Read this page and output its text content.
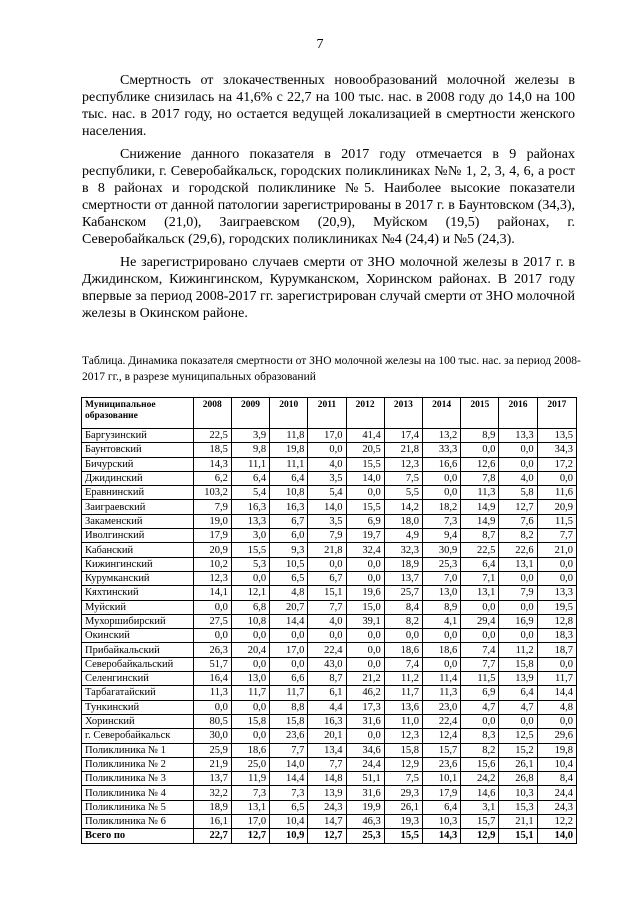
7

Смертность от злокачественных новообразований молочной железы в республике снизилась на 41,6% с 22,7 на 100 тыс. нас. в 2008 году до 14,0 на 100 тыс. нас. в 2017 году, но остается ведущей локализацией в смертности женского населения.

Снижение данного показателя в 2017 году отмечается в 9 районах республики, г. Северобайкальск, городских поликлиниках №№ 1, 2, 3, 4, 6, а рост в 8 районах и городской поликлинике №5. Наиболее высокие показатели смертности от данной патологии зарегистрированы в 2017 г. в Баунтовском (34,3), Кабанском (21,0), Заиграевском (20,9), Муйском (19,5) районах, г. Северобайкальск (29,6), городских поликлиниках №4 (24,4) и №5 (24,3).

Не зарегистрировано случаев смерти от ЗНО молочной железы в 2017 г. в Джидинском, Кижингинском, Курумканском, Хоринском районах. В 2017 году впервые за период 2008-2017 гг. зарегистрирован случай смерти от ЗНО молочной железы в Окинском районе.

Таблица. Динамика показателя смертности от ЗНО молочной железы на 100 тыс. нас. за период 2008-2017 гг., в разрезе муниципальных образований
Муниципальное образование	2008	2009	2010	2011	2012	2013	2014	2015	2016	2017
Баргузинский	22,5	3,9	11,8	17,0	41,4	17,4	13,2	8,9	13,3	13,5
Баунтовский	18,5	9,8	19,8	0,0	20,5	21,8	33,3	0,0	0,0	34,3
Бичурский	14,3	11,1	11,1	4,0	15,5	12,3	16,6	12,6	0,0	17,2
Джидинский	6,2	6,4	6,4	3,5	14,0	7,5	0,0	7,8	4,0	0,0
Еравнинский	103,2	5,4	10,8	5,4	0,0	5,5	0,0	11,3	5,8	11,6
Заиграевский	7,9	16,3	16,3	14,0	15,5	14,2	18,2	14,9	12,7	20,9
Закаменский	19,0	13,3	6,7	3,5	6,9	18,0	7,3	14,9	7,6	11,5
Иволгинский	17,9	3,0	6,0	7,9	19,7	4,9	9,4	8,7	8,2	7,7
Кабанский	20,9	15,5	9,3	21,8	32,4	32,3	30,9	22,5	22,6	21,0
Кижингинский	10,2	5,3	10,5	0,0	0,0	18,9	25,3	6,4	13,1	0,0
Курумканский	12,3	0,0	6,5	6,7	0,0	13,7	7,0	7,1	0,0	0,0
Кяхтинский	14,1	12,1	4,8	15,1	19,6	25,7	13,0	13,1	7,9	13,3
Муйский	0,0	6,8	20,7	7,7	15,0	8,4	8,9	0,0	0,0	19,5
Мухоршибирский	27,5	10,8	14,4	4,0	39,1	8,2	4,1	29,4	16,9	12,8
Окинский	0,0	0,0	0,0	0,0	0,0	0,0	0,0	0,0	0,0	18,3
Прибайкальский	26,3	20,4	17,0	22,4	0,0	18,6	18,6	7,4	11,2	18,7
Северобайкальский	51,7	0,0	0,0	43,0	0,0	7,4	0,0	7,7	15,8	0,0
Селенгинский	16,4	13,0	6,6	8,7	21,2	11,2	11,4	11,5	13,9	11,7
Тарбагатайский	11,3	11,7	11,7	6,1	46,2	11,7	11,3	6,9	6,4	14,4
Тункинский	0,0	0,0	8,8	4,4	17,3	13,6	23,0	4,7	4,7	4,8
Хоринский	80,5	15,8	15,8	16,3	31,6	11,0	22,4	0,0	0,0	0,0
г. Северобайкальск	30,0	0,0	23,6	20,1	0,0	12,3	12,4	8,3	12,5	29,6
Поликлиника № 1	25,9	18,6	7,7	13,4	34,6	15,8	15,7	8,2	15,2	19,8
Поликлиника № 2	21,9	25,0	14,0	7,7	24,4	12,9	23,6	15,6	26,1	10,4
Поликлиника № 3	13,7	11,9	14,4	14,8	51,1	7,5	10,1	24,2	26,8	8,4
Поликлиника № 4	32,2	7,3	7,3	13,9	31,6	29,3	17,9	14,6	10,3	24,4
Поликлиника № 5	18,9	13,1	6,5	24,3	19,9	26,1	6,4	3,1	15,3	24,3
Поликлиника № 6	16,1	17,0	10,4	14,7	46,3	19,3	10,3	15,7	21,1	12,2
Всего по	22,7	12,7	10,9	12,7	25,3	15,5	14,3	12,9	15,1	14,0
